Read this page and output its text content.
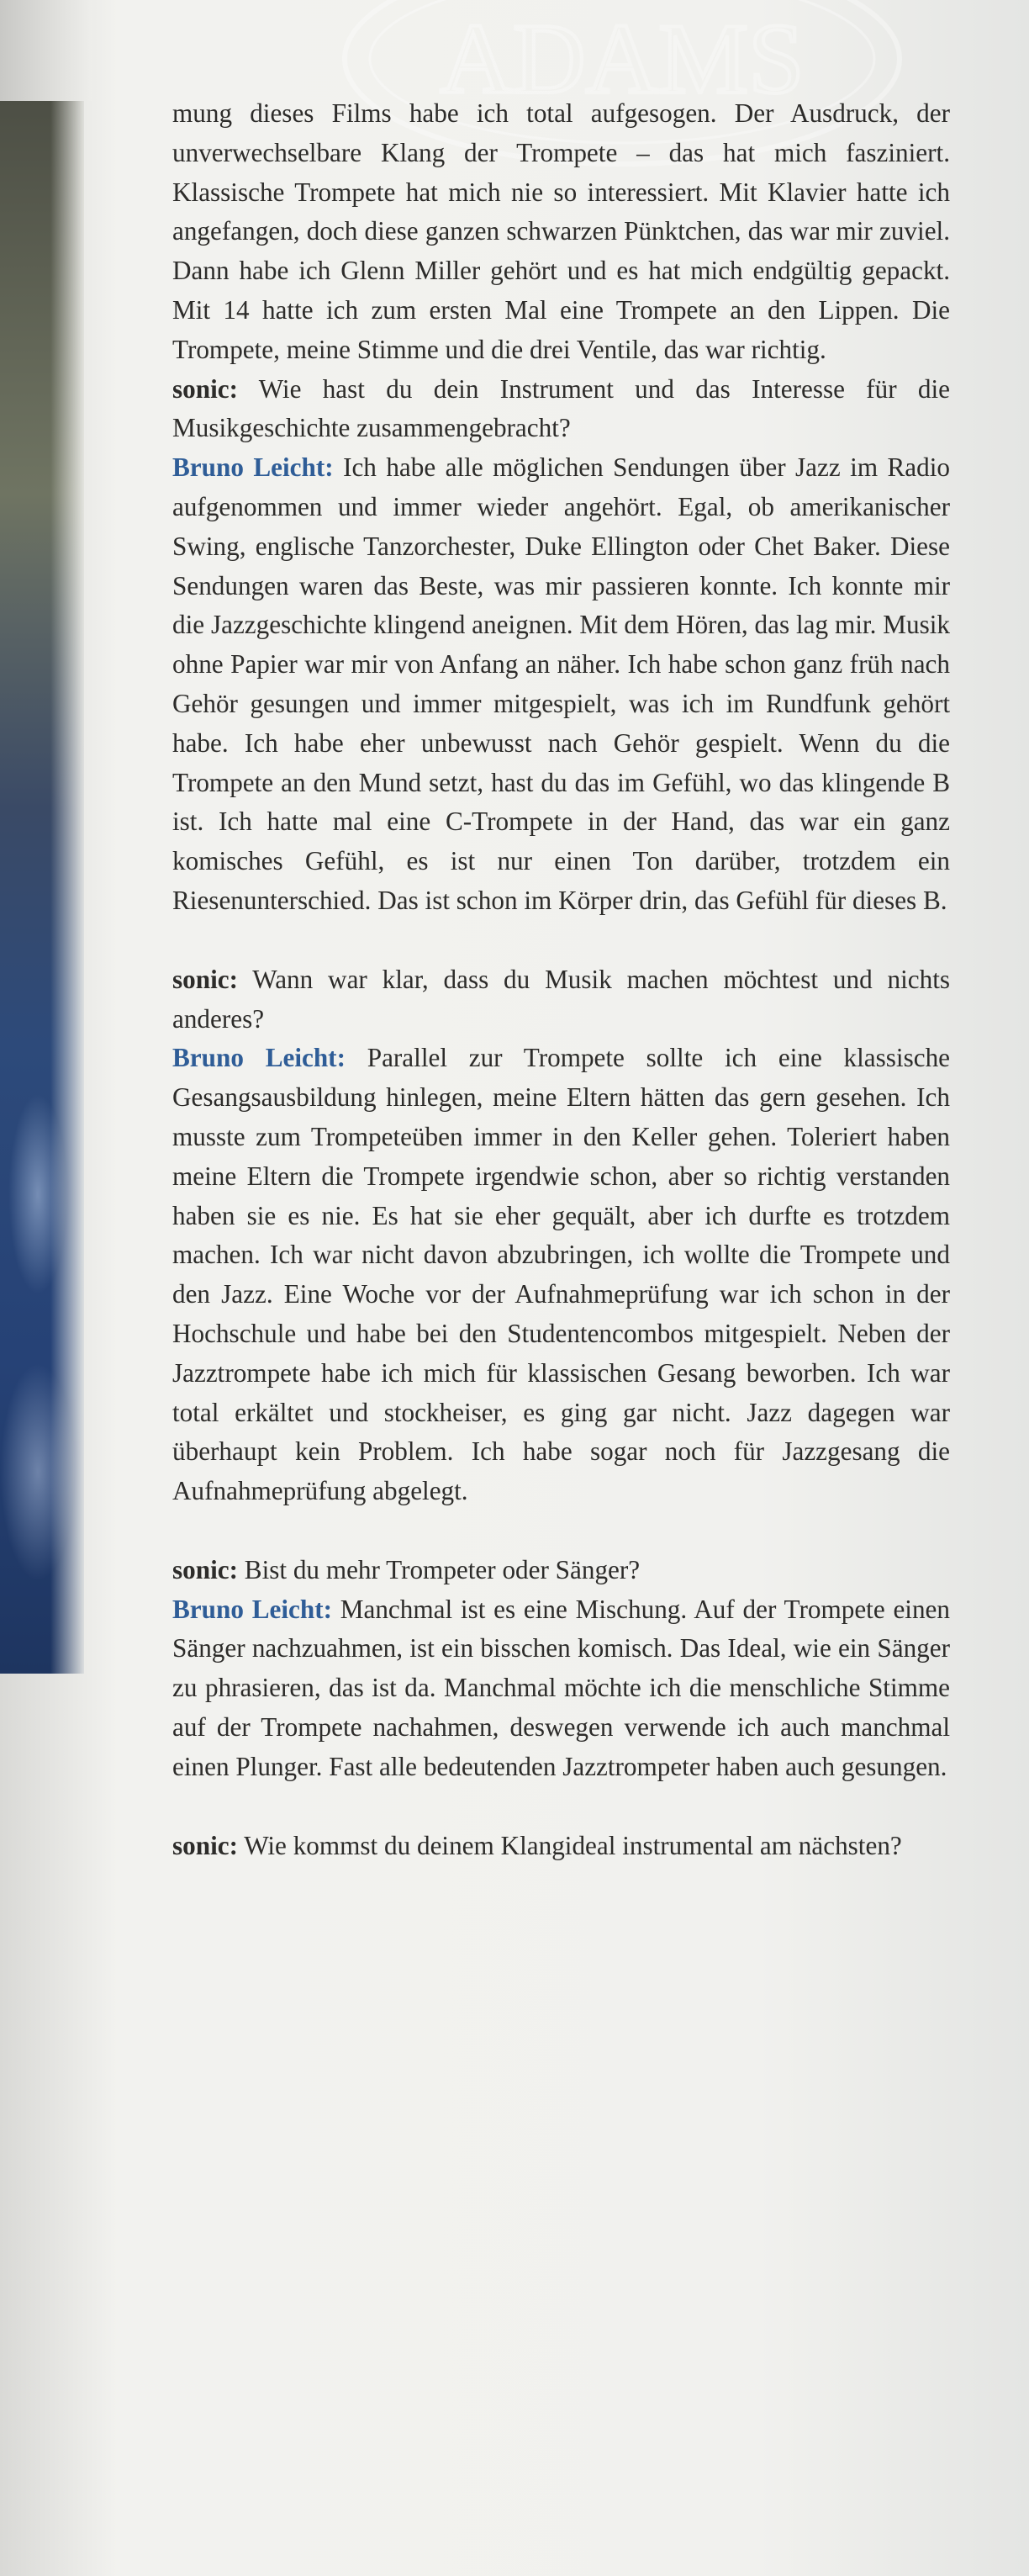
ADAMS

mung dieses Films habe ich total aufgesogen. Der Ausdruck, der unverwechselbare Klang der Trompete – das hat mich fasziniert. Klassische Trompete hat mich nie so interessiert. Mit Klavier hatte ich angefangen, doch diese ganzen schwarzen Pünktchen, das war mir zuviel. Dann habe ich Glenn Miller gehört und es hat mich endgültig gepackt. Mit 14 hatte ich zum ersten Mal eine Trompete an den Lippen. Die Trompete, meine Stimme und die drei Ventile, das war richtig.

sonic: Wie hast du dein Instrument und das Interesse für die Musikgeschichte zusammengebracht?

Bruno Leicht: Ich habe alle möglichen Sendungen über Jazz im Radio aufgenommen und immer wieder angehört. Egal, ob amerikanischer Swing, englische Tanzorchester, Duke Ellington oder Chet Baker. Diese Sendungen waren das Beste, was mir passieren konnte. Ich konnte mir die Jazzgeschichte klingend aneignen. Mit dem Hören, das lag mir. Musik ohne Papier war mir von Anfang an näher. Ich habe schon ganz früh nach Gehör gesungen und immer mitgespielt, was ich im Rundfunk gehört habe. Ich habe eher unbewusst nach Gehör gespielt. Wenn du die Trompete an den Mund setzt, hast du das im Gefühl, wo das klingende B ist. Ich hatte mal eine C-Trompete in der Hand, das war ein ganz komisches Gefühl, es ist nur einen Ton darüber, trotzdem ein Riesenunterschied. Das ist schon im Körper drin, das Gefühl für dieses B.

sonic: Wann war klar, dass du Musik machen möchtest und nichts anderes?

Bruno Leicht: Parallel zur Trompete sollte ich eine klassische Gesangsausbildung hinlegen, meine Eltern hätten das gern gesehen. Ich musste zum Trompeteüben immer in den Keller gehen. Toleriert haben meine Eltern die Trompete irgendwie schon, aber so richtig verstanden haben sie es nie. Es hat sie eher gequält, aber ich durfte es trotzdem machen. Ich war nicht davon abzubringen, ich wollte die Trompete und den Jazz. Eine Woche vor der Aufnahmeprüfung war ich schon in der Hochschule und habe bei den Studentencombos mitgespielt. Neben der Jazztrompete habe ich mich für klassischen Gesang beworben. Ich war total erkältet und stockheiser, es ging gar nicht. Jazz dagegen war überhaupt kein Problem. Ich habe sogar noch für Jazzgesang die Aufnahmeprüfung abgelegt.

sonic: Bist du mehr Trompeter oder Sänger?

Bruno Leicht: Manchmal ist es eine Mischung. Auf der Trompete einen Sänger nachzuahmen, ist ein bisschen komisch. Das Ideal, wie ein Sänger zu phrasieren, das ist da. Manchmal möchte ich die menschliche Stimme auf der Trompete nachahmen, deswegen verwende ich auch manchmal einen Plunger. Fast alle bedeutenden Jazztrompeter haben auch gesungen.

sonic: Wie kommst du deinem Klangideal instrumental am nächsten?
